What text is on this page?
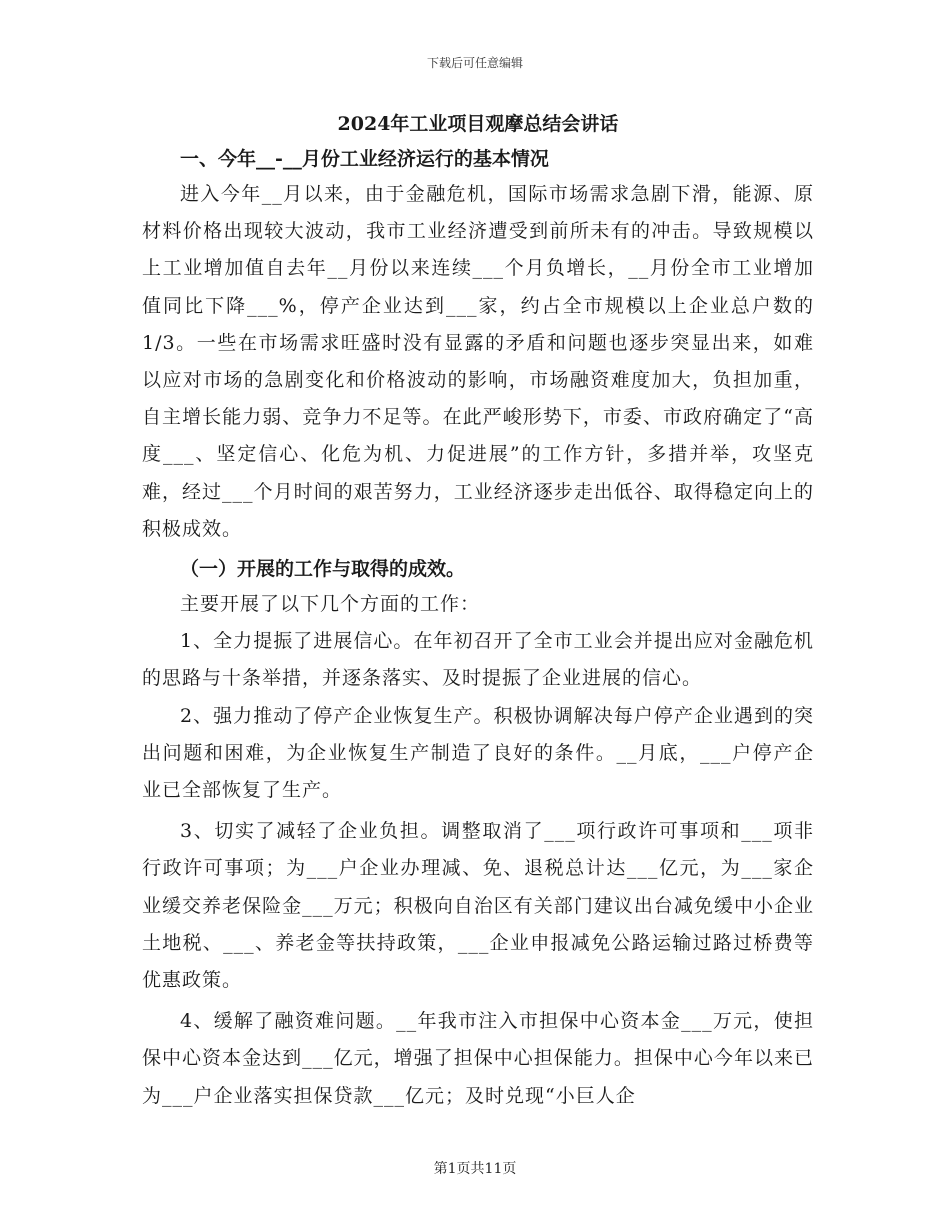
下载后可任意编辑
2024年工业项目观摩总结会讲话
一、今年__-__月份工业经济运行的基本情况

进入今年__月以来，由于金融危机，国际市场需求急剧下滑，能源、原材料价格出现较大波动，我市工业经济遭受到前所未有的冲击。导致规模以上工业增加值自去年__月份以来连续___个月负增长，__月份全市工业增加值同比下降___%，停产企业达到___家，约占全市规模以上企业总户数的1/3。一些在市场需求旺盛时没有显露的矛盾和问题也逐步突显出来，如难以应对市场的急剧变化和价格波动的影响，市场融资难度加大，负担加重，自主增长能力弱、竞争力不足等。在此严峻形势下，市委、市政府确定了“高度___、坚定信心、化危为机、力促进展”的工作方针，多措并举，攻坚克难，经过___个月时间的艰苦努力，工业经济逐步走出低谷、取得稳定向上的积极成效。

（一）开展的工作与取得的成效。

主要开展了以下几个方面的工作：

1、全力提振了进展信心。在年初召开了全市工业会并提出应对金融危机的思路与十条举措，并逐条落实、及时提振了企业进展的信心。

2、强力推动了停产企业恢复生产。积极协调解决每户停产企业遇到的突出问题和困难，为企业恢复生产制造了良好的条件。__月底，___户停产企业已全部恢复了生产。

3、切实了减轻了企业负担。调整取消了___项行政许可事项和___项非行政许可事项；为___户企业办理减、免、退税总计达___亿元，为___家企业缓交养老保险金___万元；积极向自治区有关部门建议出台减免缓中小企业土地税、___、养老金等扶持政策，___企业申报减免公路运输过路过桥费等优惠政策。

4、缓解了融资难问题。__年我市注入市担保中心资本金___万元，使担保中心资本金达到___亿元，增强了担保中心担保能力。担保中心今年以来已为___户企业落实担保贷款___亿元；及时兑现“小巨人企

第1页共11页
